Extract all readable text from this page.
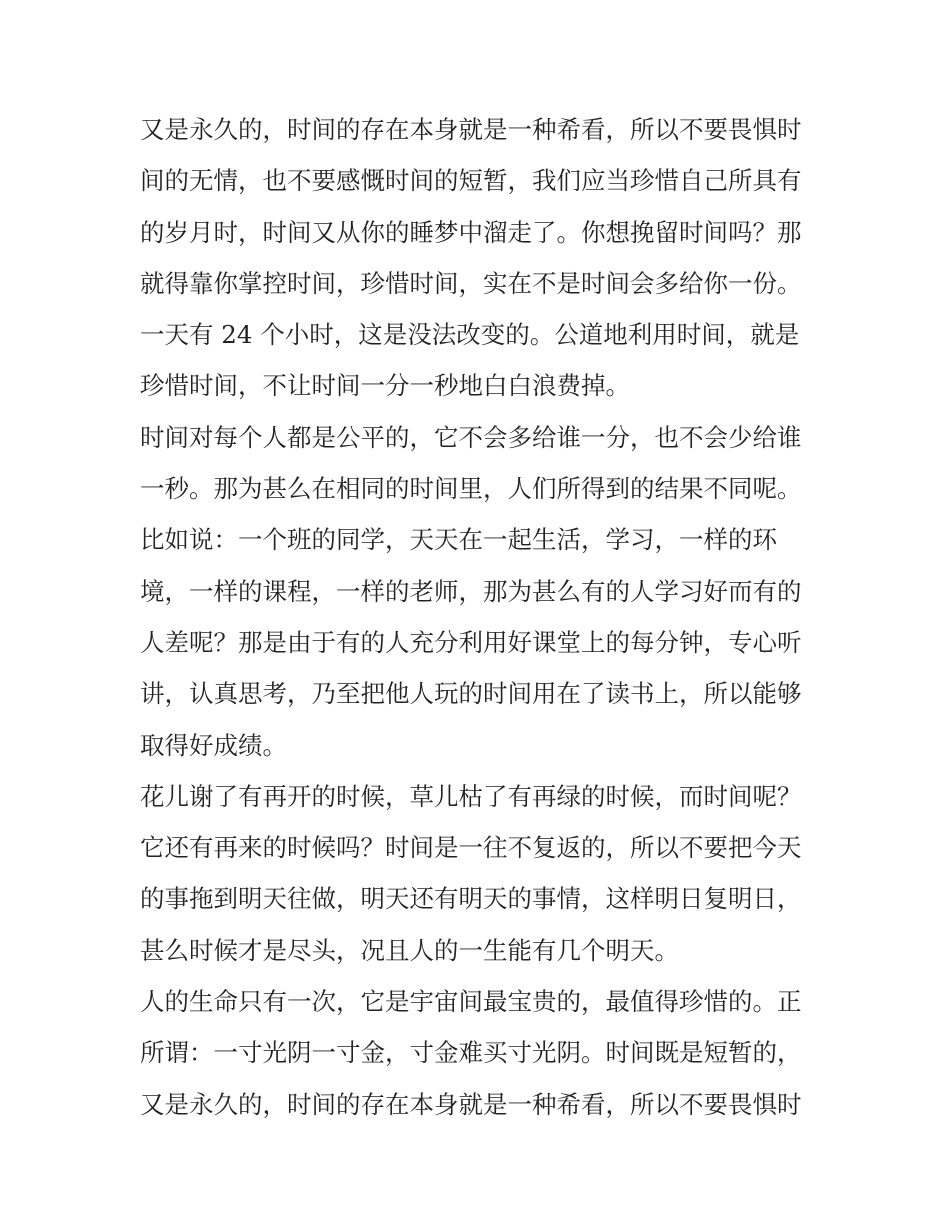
又是永久的，时间的存在本身就是一种希看，所以不要畏惧时
间的无情，也不要感慨时间的短暂，我们应当珍惜自己所具有
的岁月时，时间又从你的睡梦中溜走了。你想挽留时间吗？那
就得靠你掌控时间，珍惜时间，实在不是时间会多给你一份。
一天有 24 个小时，这是没法改变的。公道地利用时间，就是
珍惜时间，不让时间一分一秒地白白浪费掉。
时间对每个人都是公平的，它不会多给谁一分，也不会少给谁
一秒。那为甚么在相同的时间里，人们所得到的结果不同呢。
比如说：一个班的同学，天天在一起生活，学习，一样的环
境，一样的课程，一样的老师，那为甚么有的人学习好而有的
人差呢？那是由于有的人充分利用好课堂上的每分钟，专心听
讲，认真思考，乃至把他人玩的时间用在了读书上，所以能够
取得好成绩。
花儿谢了有再开的时候，草儿枯了有再绿的时候，而时间呢？
它还有再来的时候吗？时间是一往不复返的，所以不要把今天
的事拖到明天往做，明天还有明天的事情，这样明日复明日，
甚么时候才是尽头，况且人的一生能有几个明天。
人的生命只有一次，它是宇宙间最宝贵的，最值得珍惜的。正
所谓：一寸光阴一寸金，寸金难买寸光阴。时间既是短暂的，
又是永久的，时间的存在本身就是一种希看，所以不要畏惧时
